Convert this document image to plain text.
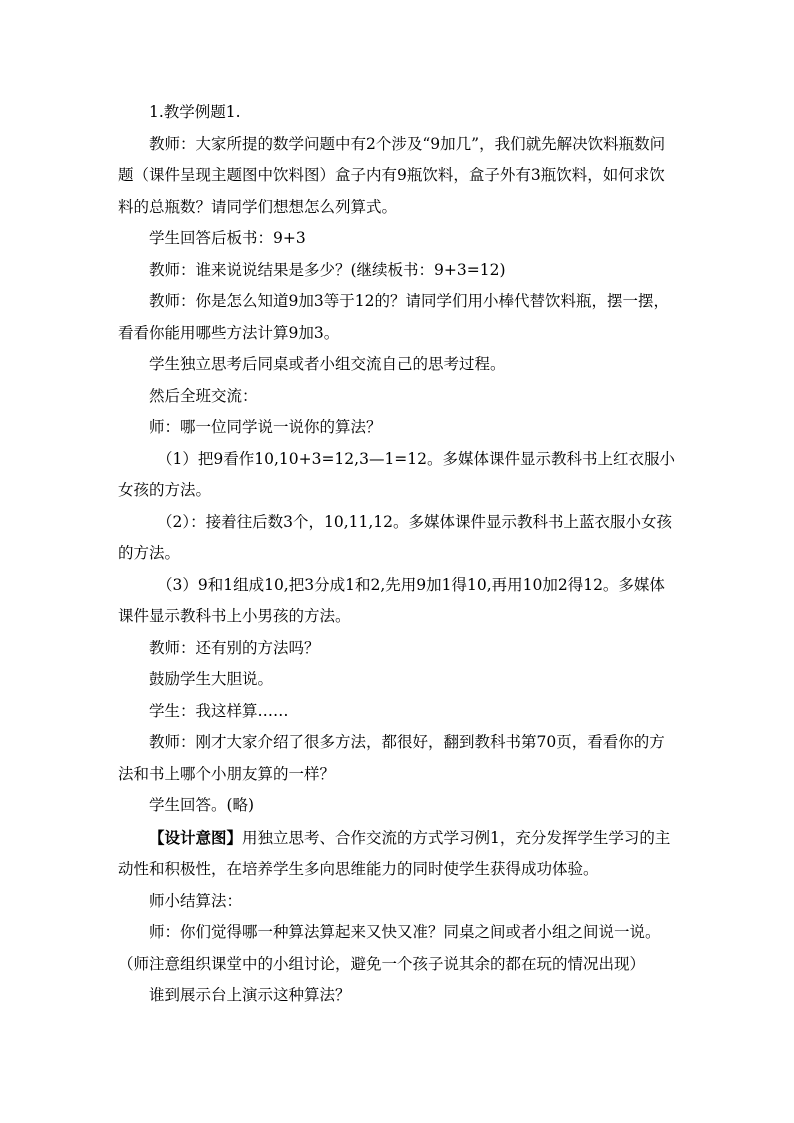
1.教学例题1.

教师：大家所提的数学问题中有2个涉及“9加几”，我们就先解决饮料瓶数问题（课件呈现主题图中饮料图）盒子内有9瓶饮料，盒子外有3瓶饮料，如何求饮料的总瓶数？请同学们想想怎么列算式。

学生回答后板书：9+3

教师：谁来说说结果是多少？(继续板书：9+3=12)

教师：你是怎么知道9加3等于12的？请同学们用小棒代替饮料瓶，摆一摆，看看你能用哪些方法计算9加3。

学生独立思考后同桌或者小组交流自己的思考过程。

然后全班交流：

师：哪一位同学说一说你的算法？

（1）把9看作10,10+3=12,3—1=12。多媒体课件显示教科书上红衣服小女孩的方法。

（2）：接着往后数3个，10,11,12。多媒体课件显示教科书上蓝衣服小女孩的方法。

（3）9和1组成10,把3分成1和2,先用9加1得10,再用10加2得12。多媒体课件显示教科书上小男孩的方法。

教师：还有别的方法吗？

鼓励学生大胆说。

学生：我这样算……

教师：刚才大家介绍了很多方法，都很好，翻到教科书第70页，看看你的方法和书上哪个小朋友算的一样？

学生回答。(略)

【设计意图】用独立思考、合作交流的方式学习例1，充分发挥学生学习的主动性和积极性，在培养学生多向思维能力的同时使学生获得成功体验。

师小结算法：

师：你们觉得哪一种算法算起来又快又准？同桌之间或者小组之间说一说。

（师注意组织课堂中的小组讨论，避免一个孩子说其余的都在玩的情况出现）

谁到展示台上演示这种算法？
